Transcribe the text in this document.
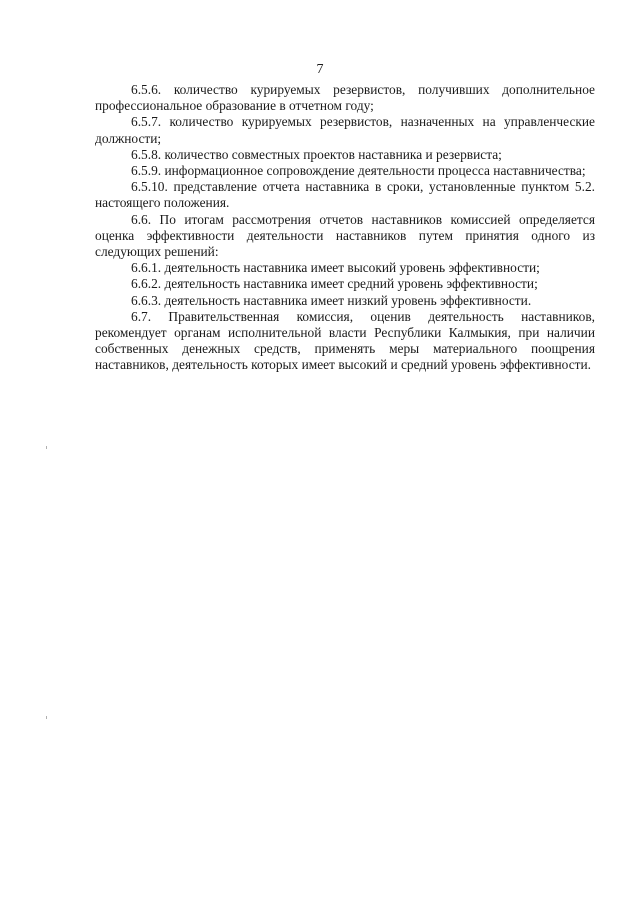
7

6.5.6. количество курируемых резервистов, получивших дополнительное профессиональное образование в отчетном году;

6.5.7. количество курируемых резервистов, назначенных на управленческие должности;

6.5.8. количество совместных проектов наставника и резервиста;

6.5.9. информационное сопровождение деятельности процесса наставничества;

6.5.10. представление отчета наставника в сроки, установленные пунктом 5.2. настоящего положения.

6.6. По итогам рассмотрения отчетов наставников комиссией определяется оценка эффективности деятельности наставников путем принятия одного из следующих решений:

6.6.1. деятельность наставника имеет высокий уровень эффективности;

6.6.2. деятельность наставника имеет средний уровень эффективности;

6.6.3. деятельность наставника имеет низкий уровень эффективности.

6.7. Правительственная комиссия, оценив деятельность наставников, рекомендует органам исполнительной власти Республики Калмыкия, при наличии собственных денежных средств, применять меры материального поощрения наставников, деятельность которых имеет высокий и средний уровень эффективности.
